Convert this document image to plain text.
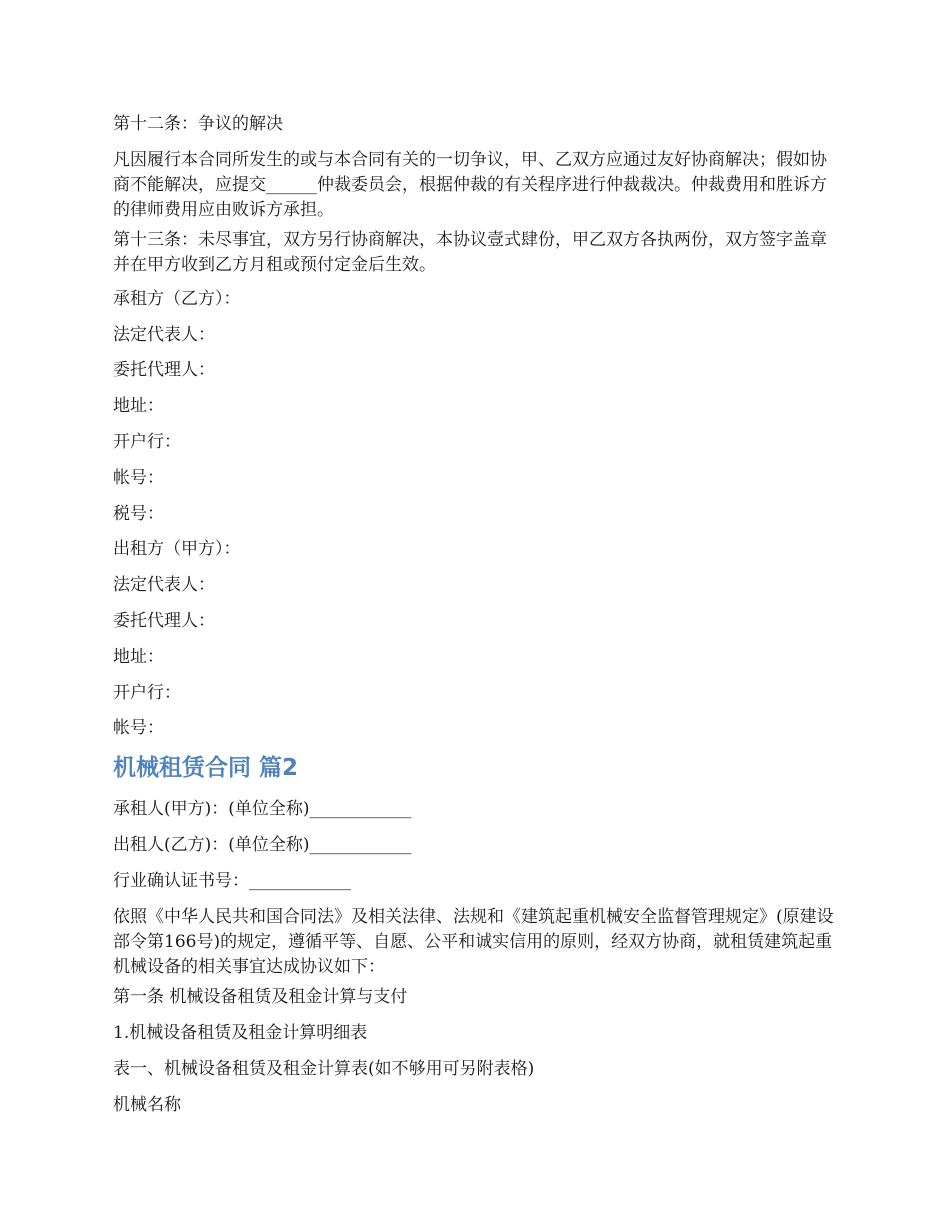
第十二条：争议的解决

凡因履行本合同所发生的或与本合同有关的一切争议，甲、乙双方应通过友好协商解决；假如协商不能解决，应提交______仲裁委员会，根据仲裁的有关程序进行仲裁裁决。仲裁费用和胜诉方的律师费用应由败诉方承担。

第十三条：未尽事宜，双方另行协商解决，本协议壹式肆份，甲乙双方各执两份，双方签字盖章并在甲方收到乙方月租或预付定金后生效。

承租方（乙方）：

法定代表人：

委托代理人：

地址：

开户行：

帐号：

税号：

出租方（甲方）：

法定代表人：

委托代理人：

地址：

开户行：

帐号：

机械租赁合同 篇2

承租人(甲方)：(单位全称)____________

出租人(乙方)：(单位全称)____________

行业确认证书号：____________

依照《中华人民共和国合同法》及相关法律、法规和《建筑起重机械安全监督管理规定》(原建设部令第166号)的规定，遵循平等、自愿、公平和诚实信用的原则，经双方协商，就租赁建筑起重机械设备的相关事宜达成协议如下：

第一条 机械设备租赁及租金计算与支付

1.机械设备租赁及租金计算明细表

表一、机械设备租赁及租金计算表(如不够用可另附表格)

机械名称
